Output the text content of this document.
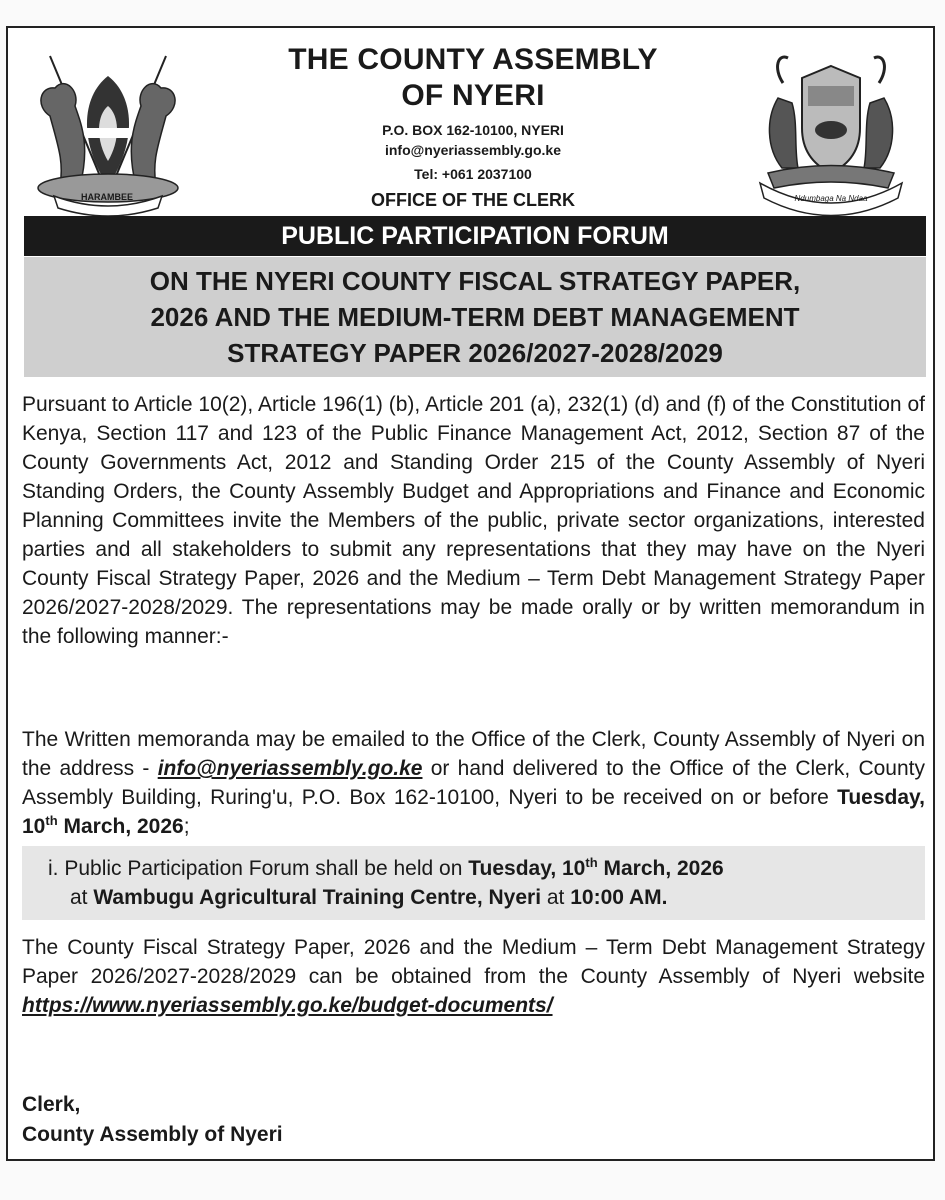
HARAMBEE	Ndumbaga Na Ndaa
THE COUNTY ASSEMBLY
OF NYERI
P.O. BOX 162-10100, NYERI
info@nyeriassembly.go.ke
Tel: +061 2037100
OFFICE OF THE CLERK
PUBLIC PARTICIPATION FORUM
ON THE NYERI COUNTY FISCAL STRATEGY PAPER,
2026 AND THE MEDIUM-TERM DEBT MANAGEMENT
STRATEGY PAPER 2026/2027-2028/2029
Pursuant to Article 10(2), Article 196(1) (b), Article 201 (a), 232(1) (d) and (f) of the Constitution of Kenya, Section 117 and 123 of the Public Finance Management Act, 2012, Section 87 of the County Governments Act, 2012 and Standing Order 215 of the County Assembly of Nyeri Standing Orders, the County Assembly Budget and Appropriations and Finance and Economic Planning Committees invite the Members of the public, private sector organizations, interested parties and all stakeholders to submit any representations that they may have on the Nyeri County Fiscal Strategy Paper, 2026 and the Medium – Term Debt Management Strategy Paper 2026/2027-2028/2029. The representations may be made orally or by written memorandum in the following manner:-
The Written memoranda may be emailed to the Office of the Clerk, County Assembly of Nyeri on the address - info@nyeriassembly.go.ke or hand delivered to the Office of the Clerk, County Assembly Building, Ruring'u, P.O. Box 162-10100, Nyeri to be received on or before Tuesday, 10th March, 2026;
i. Public Participation Forum shall be held on Tuesday, 10th March, 2026
at Wambugu Agricultural Training Centre, Nyeri at 10:00 AM.
The County Fiscal Strategy Paper, 2026 and the Medium – Term Debt Management Strategy Paper 2026/2027-2028/2029 can be obtained from the County Assembly of Nyeri website https://www.nyeriassembly.go.ke/budget-documents/
Clerk,
County Assembly of Nyeri
